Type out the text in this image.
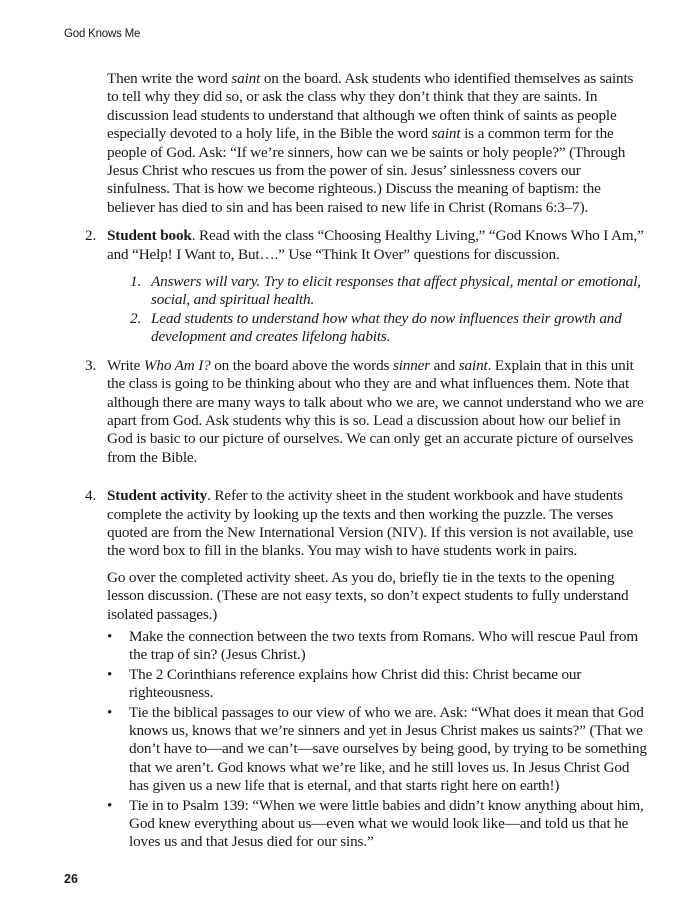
God Knows Me

Then write the word saint on the board. Ask students who identified themselves as saints to tell why they did so, or ask the class why they don’t think that they are saints. In discussion lead students to understand that although we often think of saints as people especially devoted to a holy life, in the Bible the word saint is a common term for the people of God. Ask: “If we’re sinners, how can we be saints or holy people?” (Through Jesus Christ who rescues us from the power of sin. Jesus’ sinlessness covers our sinfulness. That is how we become righteous.) Discuss the meaning of baptism: the believer has died to sin and has been raised to new life in Christ (Romans 6:3–7).

2. Student book. Read with the class “Choosing Healthy Living,” “God Knows Who I Am,” and “Help! I Want to, But….” Use “Think It Over” questions for discussion.

1. Answers will vary. Try to elicit responses that affect physical, mental or emotional, social, and spiritual health.
2. Lead students to understand how what they do now influences their growth and development and creates lifelong habits.
3. Write Who Am I? on the board above the words sinner and saint. Explain that in this unit the class is going to be thinking about who they are and what influences them. Note that although there are many ways to talk about who we are, we cannot understand who we are apart from God. Ask students why this is so. Lead a discussion about how our belief in God is basic to our picture of ourselves. We can only get an accurate picture of ourselves from the Bible.

4. Student activity. Refer to the activity sheet in the student workbook and have students complete the activity by looking up the texts and then working the puzzle. The verses quoted are from the New International Version (NIV). If this version is not available, use the word box to fill in the blanks. You may wish to have students work in pairs.

Go over the completed activity sheet. As you do, briefly tie in the texts to the opening lesson discussion. (These are not easy texts, so don’t expect students to fully understand isolated passages.)

• Make the connection between the two texts from Romans. Who will rescue Paul from the trap of sin? (Jesus Christ.)
• The 2 Corinthians reference explains how Christ did this: Christ became our righteousness.
• Tie the biblical passages to our view of who we are. Ask: “What does it mean that God knows us, knows that we’re sinners and yet in Jesus Christ makes us saints?” (That we don’t have to—and we can’t—save ourselves by being good, by trying to be something that we aren’t. God knows what we’re like, and he still loves us. In Jesus Christ God has given us a new life that is eternal, and that starts right here on earth!)
• Tie in to Psalm 139: “When we were little babies and didn’t know anything about him, God knew everything about us—even what we would look like—and told us that he loves us and that Jesus died for our sins.”
26
